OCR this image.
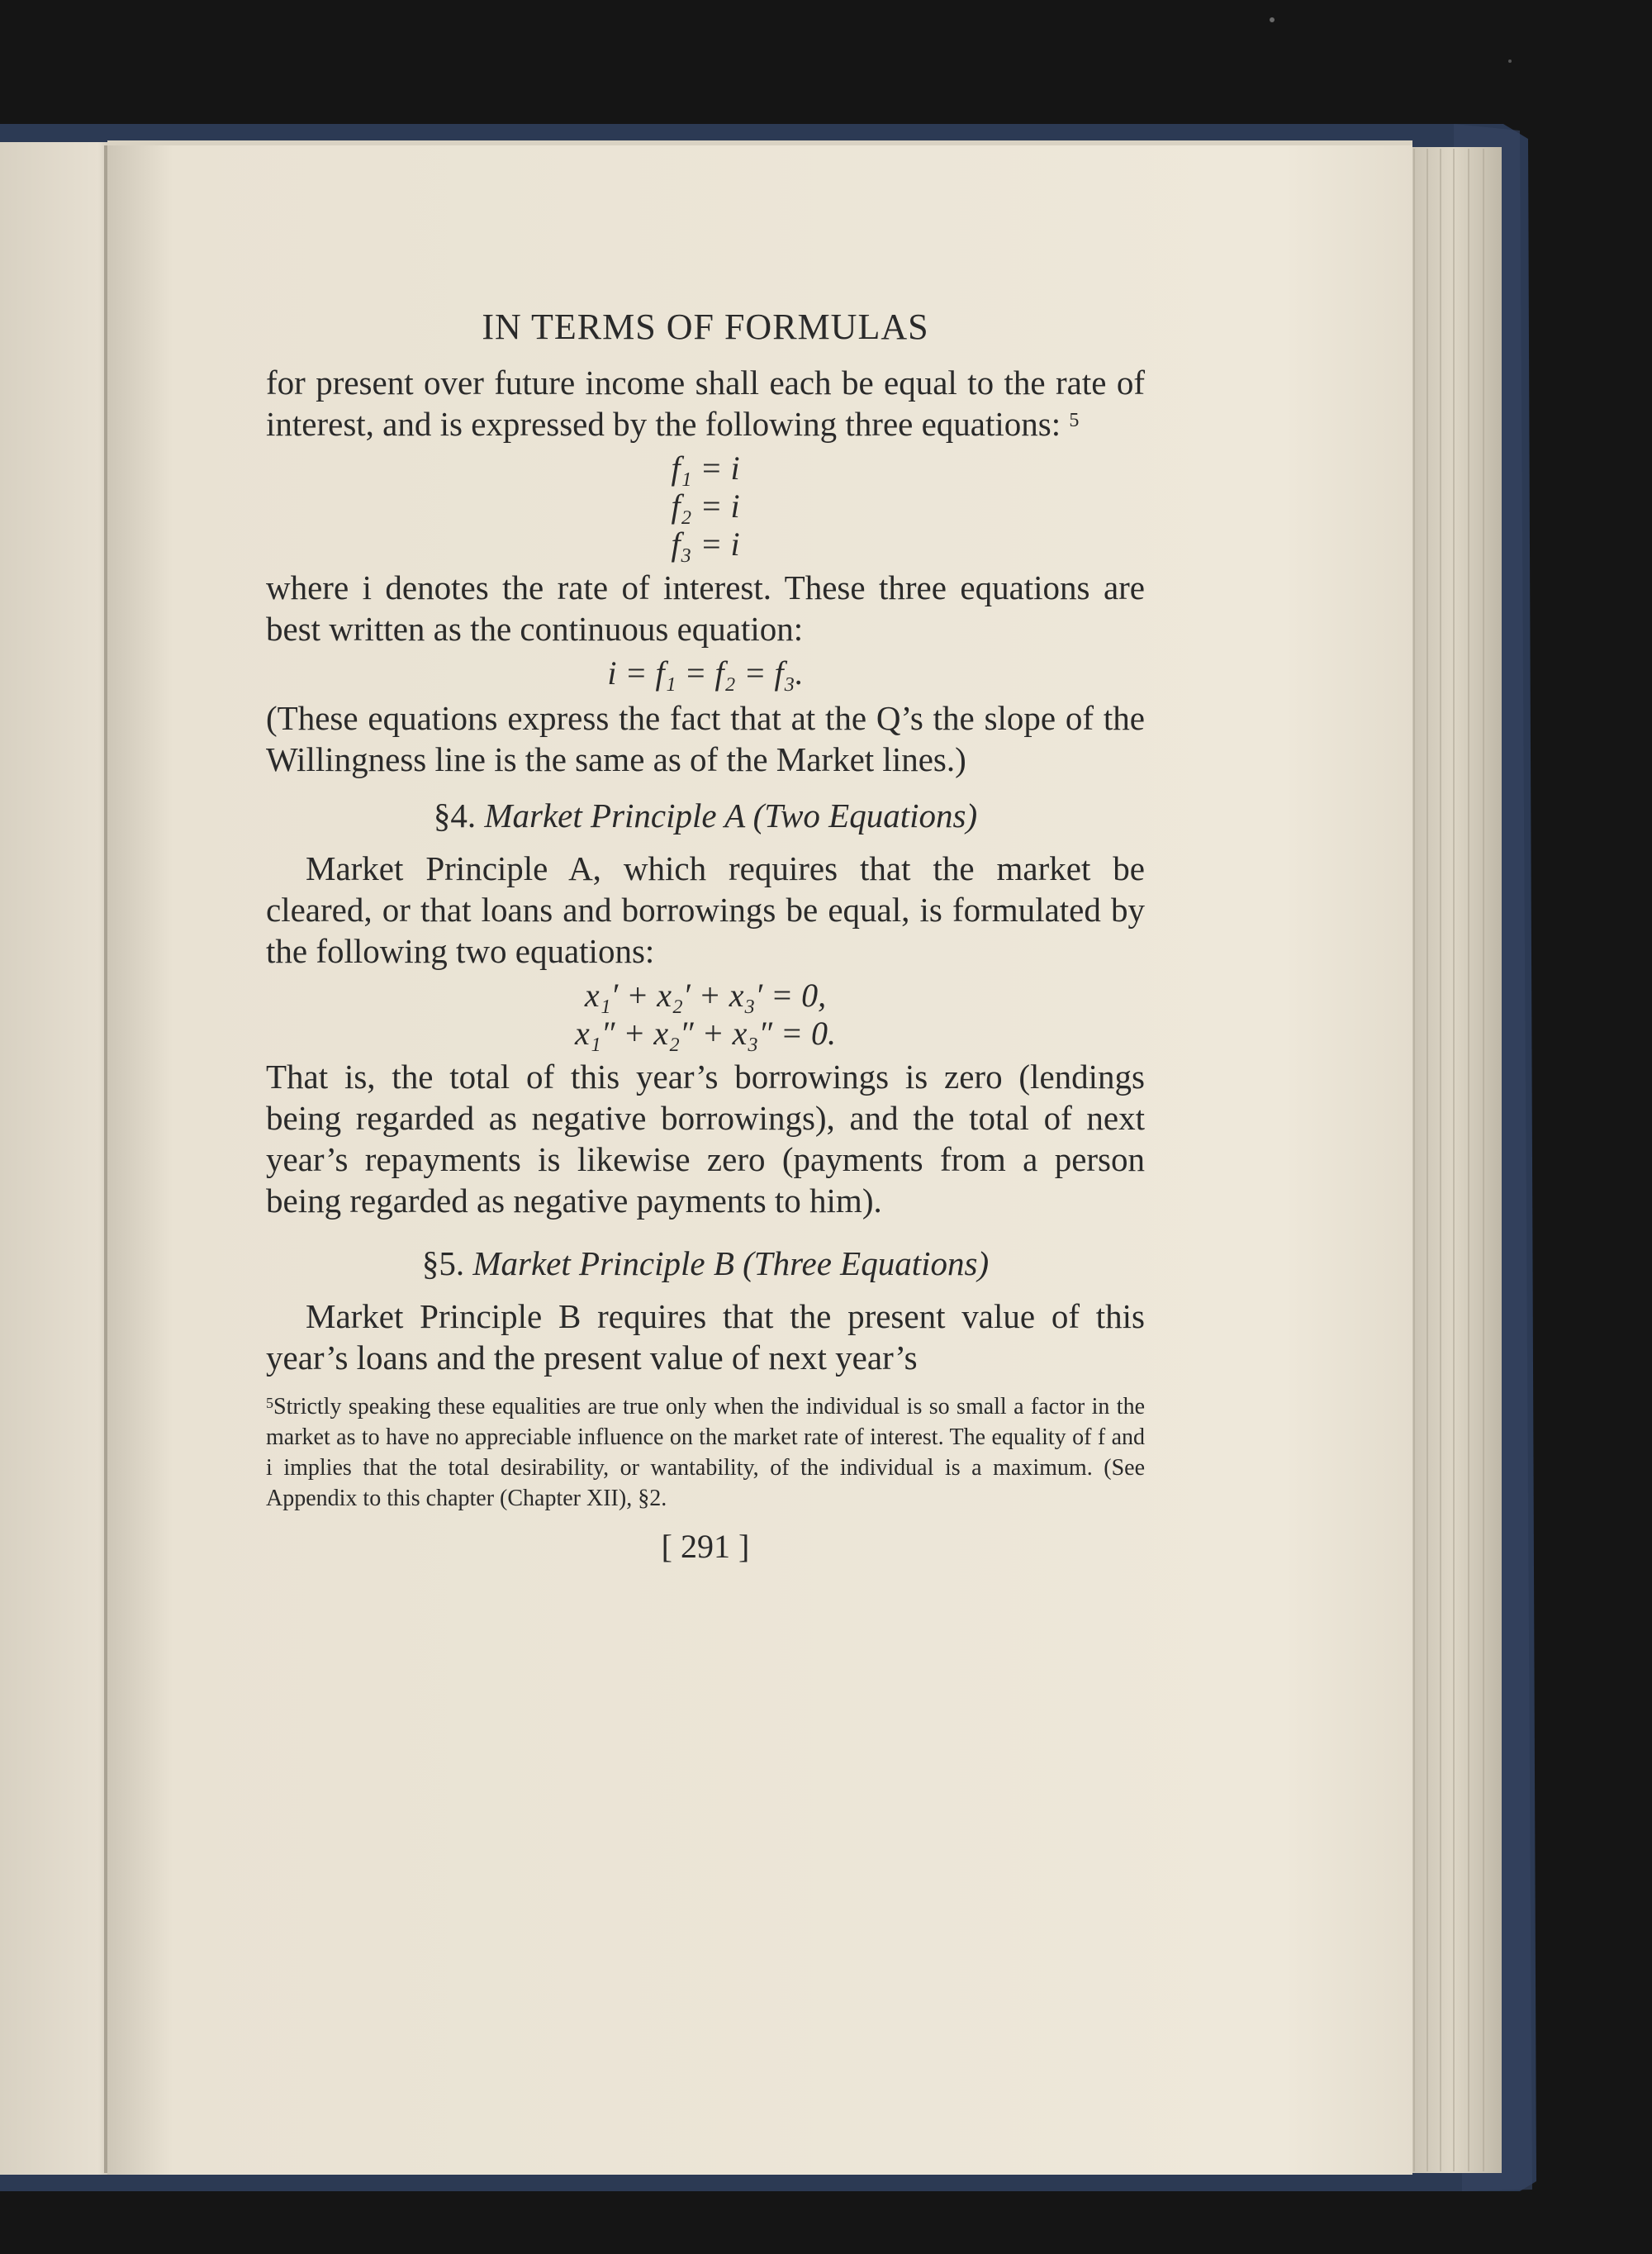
IN TERMS OF FORMULAS

for present over future income shall each be equal to the rate of interest, and is expressed by the following three equations: $^5$

f₁ = i
f₂ = i
f₃ = i

where i denotes the rate of interest. These three equations are best written as the continuous equation:

i = f₁ = f₂ = f₃.

(These equations express the fact that at the Q’s the slope of the Willingness line is the same as of the Market lines.)

§4. Market Principle A (Two Equations)

Market Principle A, which requires that the market be cleared, or that loans and borrowings be equal, is formulated by the following two equations:

x₁′ + x₂′ + x₃′ = 0,
x₁″ + x₂″ + x₃″ = 0.

That is, the total of this year’s borrowings is zero (lendings being regarded as negative borrowings), and the total of next year’s repayments is likewise zero (payments from a person being regarded as negative payments to him).

§5. Market Principle B (Three Equations)

Market Principle B requires that the present value of this year’s loans and the present value of next year’s

$^5$Strictly speaking these equalities are true only when the individual is so small a factor in the market as to have no appreciable influence on the market rate of interest. The equality of f and i implies that the total desirability, or wantability, of the individual is a maximum. (See Appendix to this chapter (Chapter XII), §2.

[ 291 ]
